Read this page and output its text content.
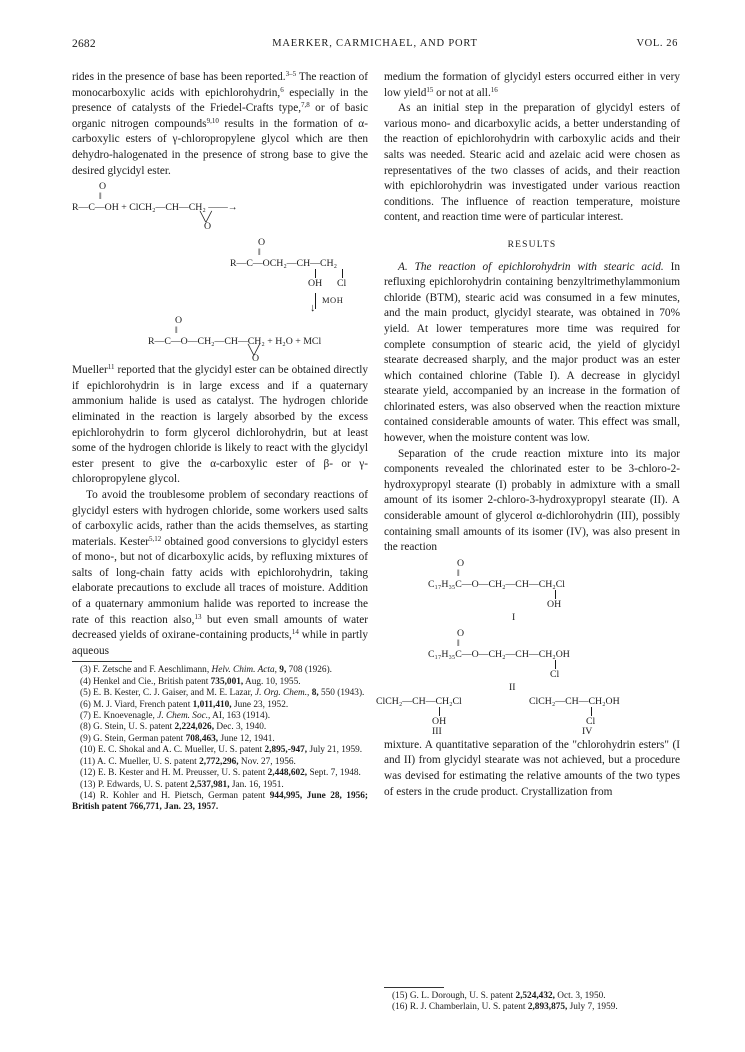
2682	MAERKER, CARMICHAEL, AND PORT	VOL. 26

rides in the presence of base has been reported.$^{3-5}$ The reaction of monocarboxylic acids with epichlorohydrin,$^6$ especially in the presence of catalysts of the Friedel-Crafts type,$^{7,8}$ or of basic organic nitrogen compounds$^{9,10}$ results in the formation of α-carboxylic esters of γ-chloropropylene glycol which are then dehydro-halogenated in the presence of strong base to give the desired glycidyl ester.

O
‖
R—C—OH + ClCH₂—CH—CH₂ ——→
╲╱
O
O
‖
R—C—OCH₂—CH—CH₂
OH Cl
↓
MOH
O
‖
R—C—O—CH₂—CH—CH₂ + H₂O + MCl
╲╱
O

Mueller$^{11}$ reported that the glycidyl ester can be obtained directly if epichlorohydrin is in large excess and if a quaternary ammonium halide is used as catalyst. The hydrogen chloride eliminated in the reaction is largely absorbed by the excess epichlorohydrin to form glycerol dichlorohydrin, but at least some of the hydrogen chloride is likely to react with the glycidyl ester present to give the α-carboxylic ester of β- or γ-chloropropylene glycol.

To avoid the troublesome problem of secondary reactions of glycidyl esters with hydrogen chloride, some workers used salts of carboxylic acids, rather than the acids themselves, as starting materials. Kester$^{5,12}$ obtained good conversions to glycidyl esters of mono-, but not of dicarboxylic acids, by refluxing mixtures of salts of long-chain fatty acids with epichlorohydrin, taking elaborate precautions to exclude all traces of moisture. Addition of a quaternary ammonium halide was reported to increase the rate of this reaction also,$^{13}$ but even small amounts of water decreased yields of oxirane-containing products,$^{14}$ while in partly aqueous

(3) F. Zetsche and F. Aeschlimann, Helv. Chim. Acta, 9, 708 (1926).

(4) Henkel and Cie., British patent 735,001, Aug. 10, 1955.

(5) E. B. Kester, C. J. Gaiser, and M. E. Lazar, J. Org. Chem., 8, 550 (1943).

(6) M. J. Viard, French patent 1,011,410, June 23, 1952.

(7) E. Knoevenagle, J. Chem. Soc., AI, 163 (1914).

(8) G. Stein, U. S. patent 2,224,026, Dec. 3, 1940.

(9) G. Stein, German patent 708,463, June 12, 1941.

(10) E. C. Shokal and A. C. Mueller, U. S. patent 2,895,-947, July 21, 1959.

(11) A. C. Mueller, U. S. patent 2,772,296, Nov. 27, 1956.

(12) E. B. Kester and H. M. Preusser, U. S. patent 2,448,602, Sept. 7, 1948.

(13) P. Edwards, U. S. patent 2,537,981, Jan. 16, 1951.

(14) R. Kohler and H. Pietsch, German patent 944,995, June 28, 1956; British patent 766,771, Jan. 23, 1957.

medium the formation of glycidyl esters occurred either in very low yield$^{15}$ or not at all.$^{16}$

As an initial step in the preparation of glycidyl esters of various mono- and dicarboxylic acids, a better understanding of the reaction of epichlorohydrin with carboxylic acids and their salts was needed. Stearic acid and azelaic acid were chosen as representatives of the two classes of acids, and their reaction with epichlorohydrin was investigated under various reaction conditions. The influence of reaction temperature, moisture content, and reaction time were of particular interest.

RESULTS

A. The reaction of epichlorohydrin with stearic acid. In refluxing epichlorohydrin containing benzyltrimethylammonium chloride (BTM), stearic acid was consumed in a few minutes, and the main product, glycidyl stearate, was obtained in 70% yield. At lower temperatures more time was required for complete consumption of stearic acid, the yield of glycidyl stearate decreased sharply, and the major product was an ester which contained chlorine (Table I). A decrease in glycidyl stearate yield, accompanied by an increase in the formation of chlorinated esters, was also observed when the reaction mixture contained considerable amounts of water. This effect was small, however, when the moisture content was low.

Separation of the crude reaction mixture into its major components revealed the chlorinated ester to be 3-chloro-2-hydroxypropyl stearate (I) probably in admixture with a small amount of its isomer 2-chloro-3-hydroxypropyl stearate (II). A considerable amount of glycerol α-dichlorohydrin (III), possibly containing small amounts of its isomer (IV), was also present in the reaction

O
‖
C₁₇H₃₅C—O—CH₂—CH—CH₂Cl
OH
I
O
‖
C₁₇H₃₅C—O—CH₂—CH—CH₂OH
Cl
II
ClCH₂—CH—CH₂Cl
OH
III
ClCH₂—CH—CH₂OH
Cl
IV

mixture. A quantitative separation of the "chlorohydrin esters" (I and II) from glycidyl stearate was not achieved, but a procedure was devised for estimating the relative amounts of the two types of esters in the crude product. Crystallization from

(15) G. L. Dorough, U. S. patent 2,524,432, Oct. 3, 1950.

(16) R. J. Chamberlain, U. S. patent 2,893,875, July 7, 1959.
